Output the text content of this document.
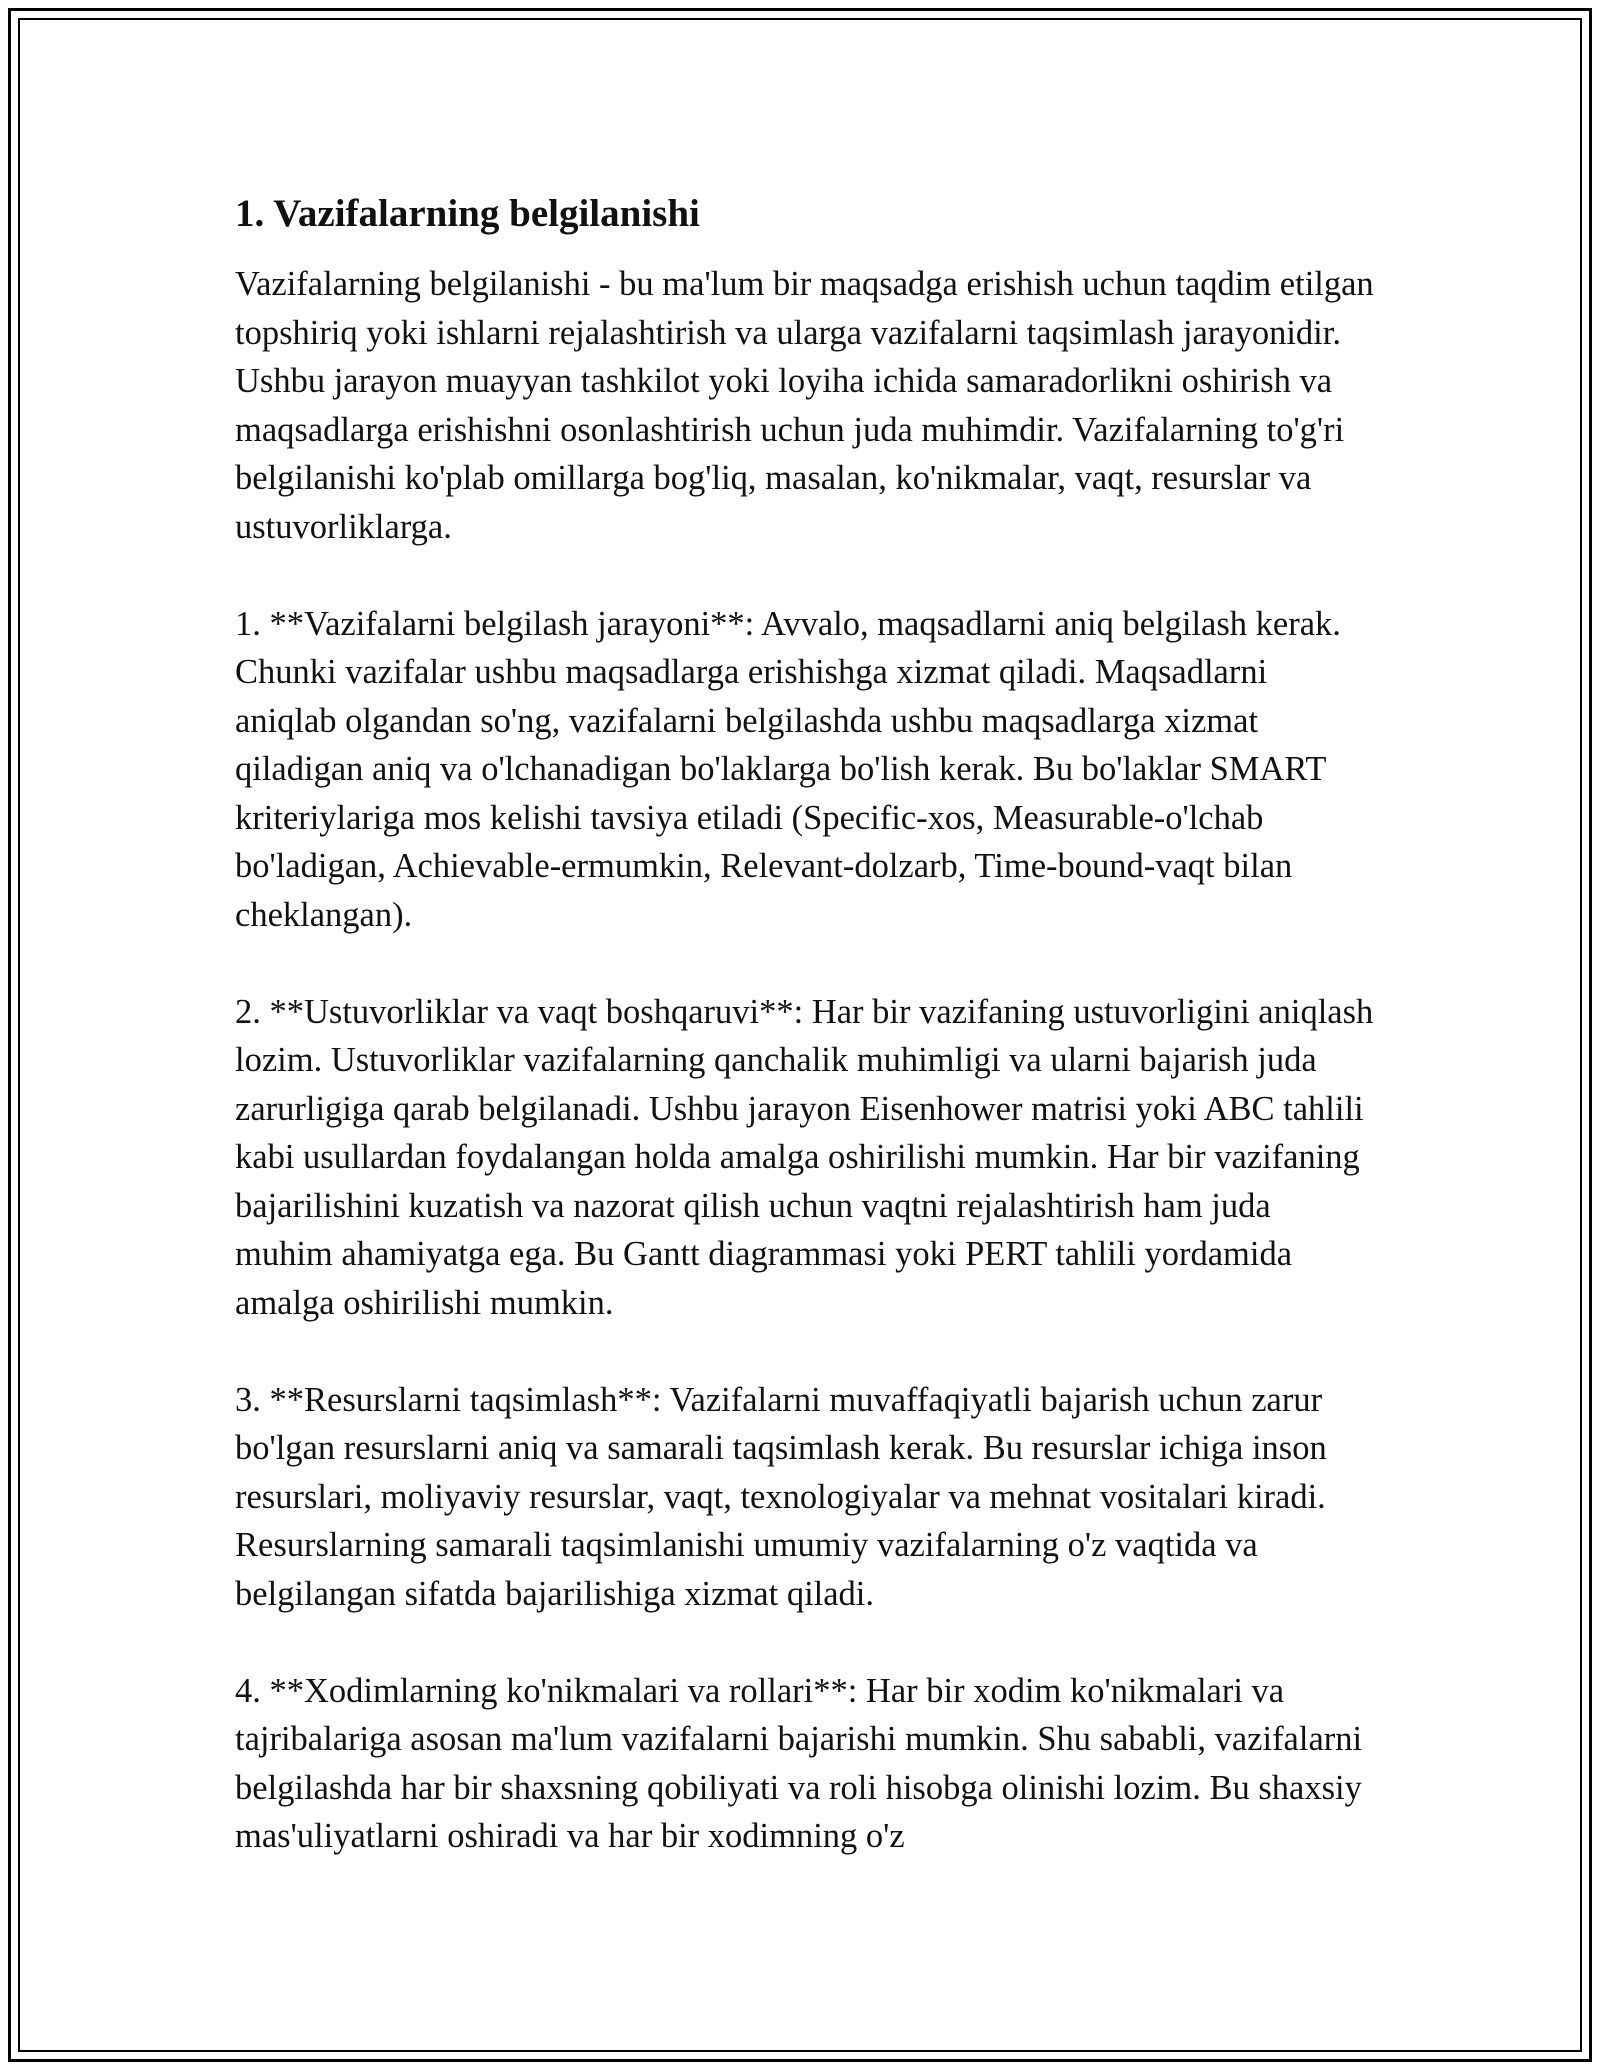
1. Vazifalarning belgilanishi

Vazifalarning belgilanishi - bu ma'lum bir maqsadga erishish uchun taqdim etilgan topshiriq yoki ishlarni rejalashtirish va ularga vazifalarni taqsimlash jarayonidir. Ushbu jarayon muayyan tashkilot yoki loyiha ichida samaradorlikni oshirish va maqsadlarga erishishni osonlashtirish uchun juda muhimdir. Vazifalarning to'g'ri belgilanishi ko'plab omillarga bog'liq, masalan, ko'nikmalar, vaqt, resurslar va ustuvorliklarga.

1. **Vazifalarni belgilash jarayoni**: Avvalo, maqsadlarni aniq belgilash kerak. Chunki vazifalar ushbu maqsadlarga erishishga xizmat qiladi. Maqsadlarni aniqlab olgandan so'ng, vazifalarni belgilashda ushbu maqsadlarga xizmat qiladigan aniq va o'lchanadigan bo'laklarga bo'lish kerak. Bu bo'laklar SMART kriteriylariga mos kelishi tavsiya etiladi (Specific-xos, Measurable-o'lchab bo'ladigan, Achievable-ermumkin, Relevant-dolzarb, Time-bound-vaqt bilan cheklangan).

2. **Ustuvorliklar va vaqt boshqaruvi**: Har bir vazifaning ustuvorligini aniqlash lozim. Ustuvorliklar vazifalarning qanchalik muhimligi va ularni bajarish juda zarurligiga qarab belgilanadi. Ushbu jarayon Eisenhower matrisi yoki ABC tahlili kabi usullardan foydalangan holda amalga oshirilishi mumkin. Har bir vazifaning bajarilishini kuzatish va nazorat qilish uchun vaqtni rejalashtirish ham juda muhim ahamiyatga ega. Bu Gantt diagrammasi yoki PERT tahlili yordamida amalga oshirilishi mumkin.

3. **Resurslarni taqsimlash**: Vazifalarni muvaffaqiyatli bajarish uchun zarur bo'lgan resurslarni aniq va samarali taqsimlash kerak. Bu resurslar ichiga inson resurslari, moliyaviy resurslar, vaqt, texnologiyalar va mehnat vositalari kiradi. Resurslarning samarali taqsimlanishi umumiy vazifalarning o'z vaqtida va belgilangan sifatda bajarilishiga xizmat qiladi.

4. **Xodimlarning ko'nikmalari va rollari**: Har bir xodim ko'nikmalari va tajribalariga asosan ma'lum vazifalarni bajarishi mumkin. Shu sababli, vazifalarni belgilashda har bir shaxsning qobiliyati va roli hisobga olinishi lozim. Bu shaxsiy mas'uliyatlarni oshiradi va har bir xodimning o'z
